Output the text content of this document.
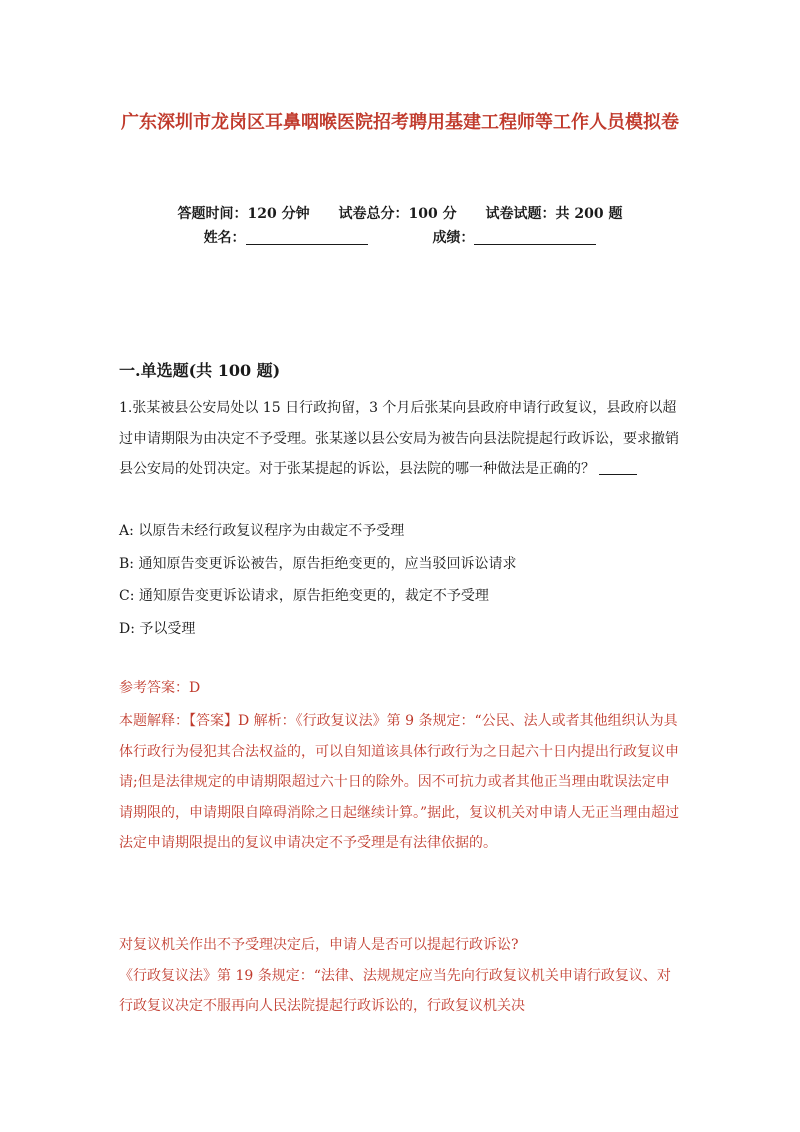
广东深圳市龙岗区耳鼻咽喉医院招考聘用基建工程师等工作人员模拟卷
答题时间：120 分钟 试卷总分：100 分 试卷试题：共 200 题
姓名：	成绩：
一.单选题(共 100 题)
1.张某被县公安局处以 15 日行政拘留，3 个月后张某向县政府申请行政复议，县政府以超过申请期限为由决定不予受理。张某遂以县公安局为被告向县法院提起行政诉讼，要求撤销县公安局的处罚决定。对于张某提起的诉讼，县法院的哪一种做法是正确的？
A: 以原告未经行政复议程序为由裁定不予受理
B: 通知原告变更诉讼被告，原告拒绝变更的，应当驳回诉讼请求
C: 通知原告变更诉讼请求，原告拒绝变更的，裁定不予受理
D: 予以受理
参考答案：D
本题解释：【答案】D 解析：《行政复议法》第 9 条规定：“公民、法人或者其他组织认为具体行政行为侵犯其合法权益的，可以自知道该具体行政行为之日起六十日内提出行政复议申请;但是法律规定的申请期限超过六十日的除外。因不可抗力或者其他正当理由耽误法定申请期限的，申请期限自障碍消除之日起继续计算。”据此，复议机关对申请人无正当理由超过法定申请期限提出的复议申请决定不予受理是有法律依据的。
对复议机关作出不予受理决定后，申请人是否可以提起行政诉讼?
《行政复议法》第 19 条规定：“法律、法规规定应当先向行政复议机关申请行政复议、对行政复议决定不服再向人民法院提起行政诉讼的，行政复议机关决
